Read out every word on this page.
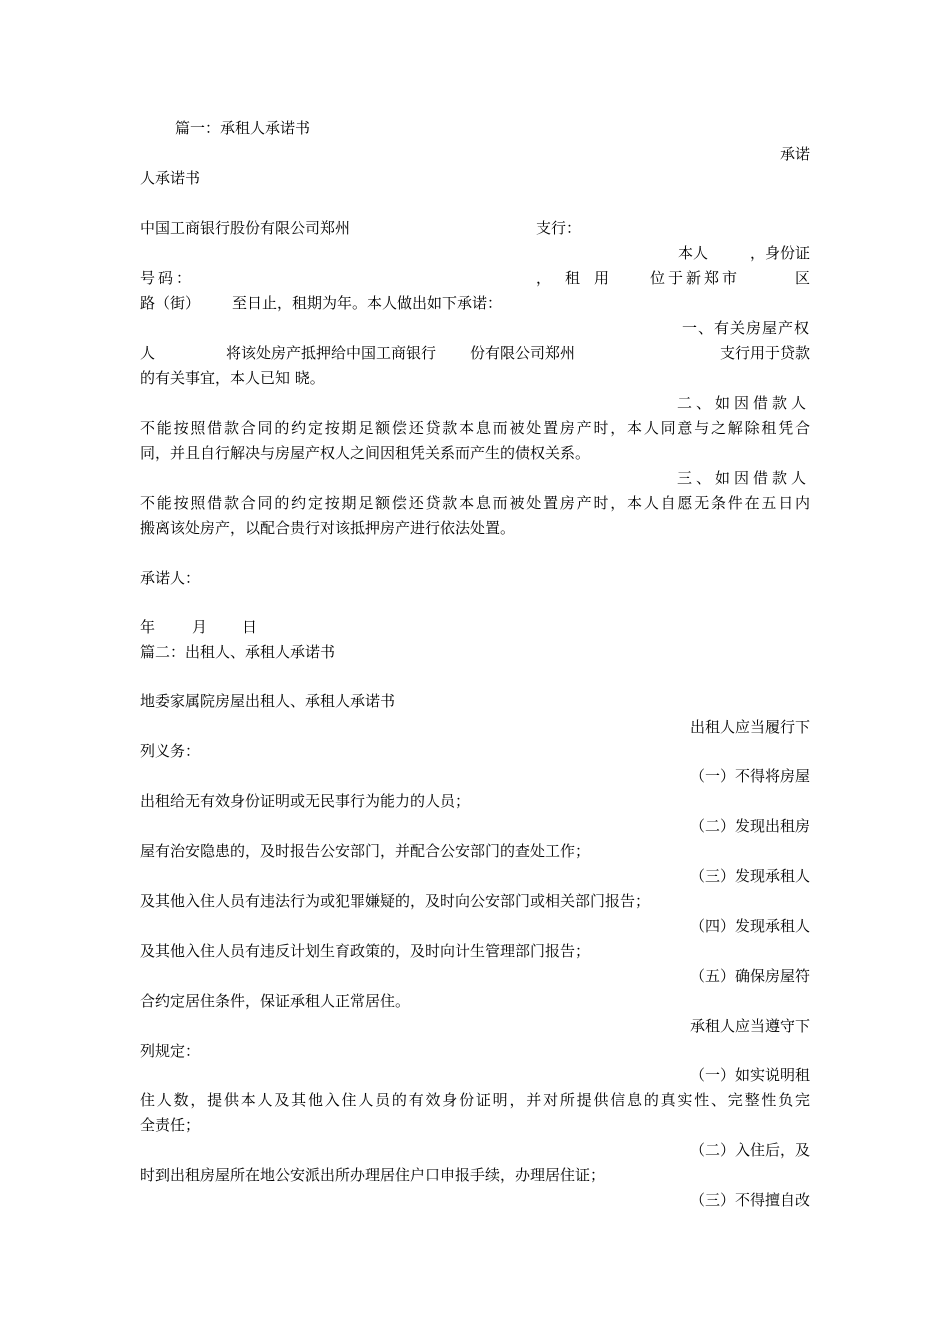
篇一：承租人承诺书
承诺
人承诺书
中国工商银行股份有限公司郑州	支行：
本人	，身份证
号码：	，租用 位于新郑市	区
路（街） 至日止，租期为年。本人做出如下承诺：
一、有关房屋产权
人	将该处房产抵押给中国工商银行 份有限公司郑州	支行用于贷款
的有关事宜，本人已知 晓。
二、如因借款人
不能按照借款合同的约定按期足额偿还贷款本息而被处置房产时，本人同意与之解除租凭合
同，并且自行解决与房屋产权人之间因租凭关系而产生的债权关系。
三、如因借款人
不能按照借款合同的约定按期足额偿还贷款本息而被处置房产时，本人自愿无条件在五日内
搬离该处房产，以配合贵行对该抵押房产进行依法处置。
承诺人：
年 月 日
篇二：出租人、承租人承诺书
地委家属院房屋出租人、承租人承诺书
出租人应当履行下
列义务：
（一）不得将房屋
出租给无有效身份证明或无民事行为能力的人员；
（二）发现出租房
屋有治安隐患的，及时报告公安部门，并配合公安部门的查处工作；
（三）发现承租人
及其他入住人员有违法行为或犯罪嫌疑的，及时向公安部门或相关部门报告；
（四）发现承租人
及其他入住人员有违反计划生育政策的，及时向计生管理部门报告；
（五）确保房屋符
合约定居住条件，保证承租人正常居住。
承租人应当遵守下
列规定：
（一）如实说明租
住人数，提供本人及其他入住人员的有效身份证明，并对所提供信息的真实性、完整性负完
全责任；
（二）入住后，及
时到出租房屋所在地公安派出所办理居住户口申报手续，办理居住证；
（三）不得擅自改
